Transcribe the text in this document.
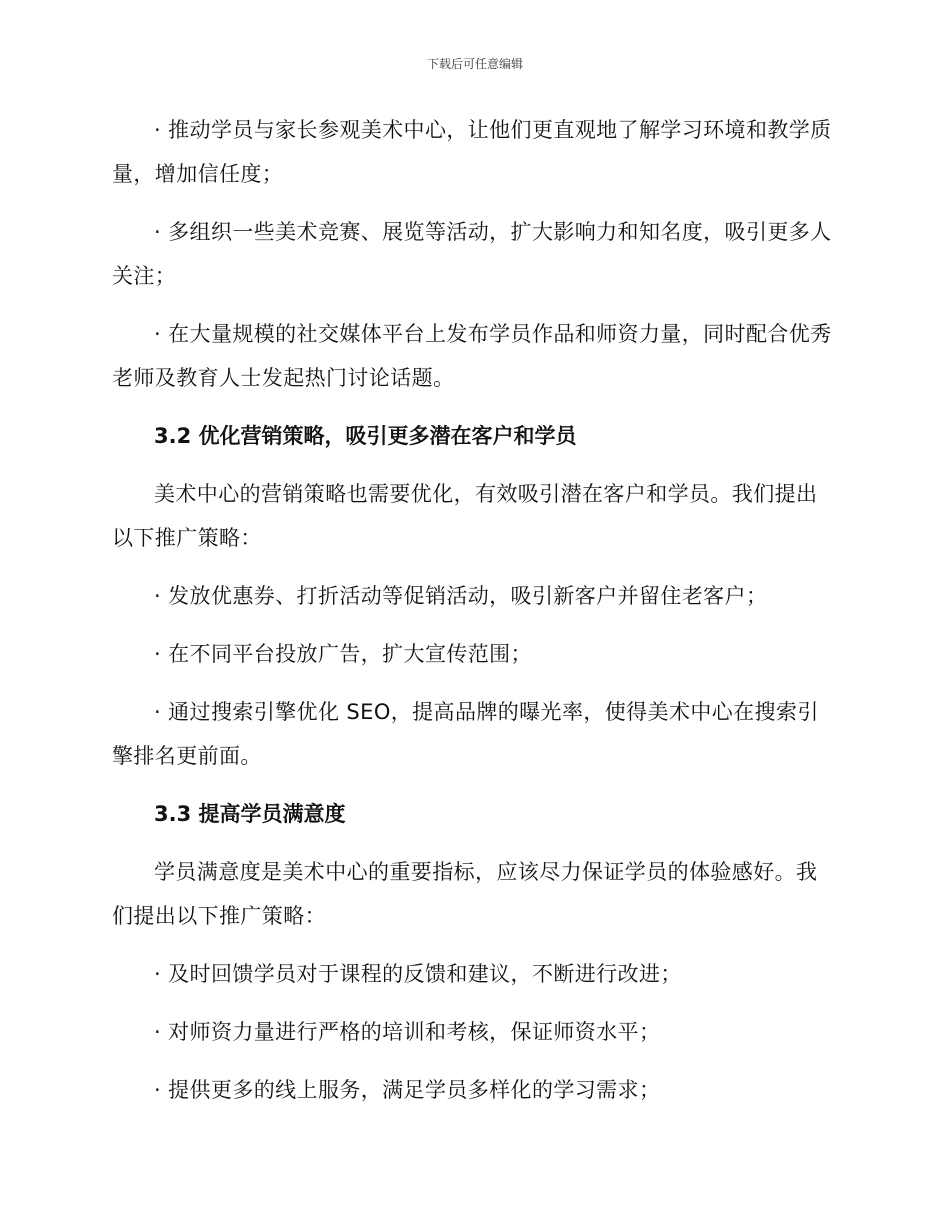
下载后可任意编辑

· 推动学员与家长参观美术中心，让他们更直观地了解学习环境和教学质量，增加信任度；

· 多组织一些美术竞赛、展览等活动，扩大影响力和知名度，吸引更多人关注；

· 在大量规模的社交媒体平台上发布学员作品和师资力量，同时配合优秀老师及教育人士发起热门讨论话题。

3.2 优化营销策略，吸引更多潜在客户和学员

美术中心的营销策略也需要优化，有效吸引潜在客户和学员。我们提出以下推广策略：

· 发放优惠券、打折活动等促销活动，吸引新客户并留住老客户；

· 在不同平台投放广告，扩大宣传范围；

· 通过搜索引擎优化 SEO，提高品牌的曝光率，使得美术中心在搜索引擎排名更前面。

3.3 提高学员满意度

学员满意度是美术中心的重要指标，应该尽力保证学员的体验感好。我们提出以下推广策略：

· 及时回馈学员对于课程的反馈和建议，不断进行改进；

· 对师资力量进行严格的培训和考核，保证师资水平；

· 提供更多的线上服务，满足学员多样化的学习需求；
